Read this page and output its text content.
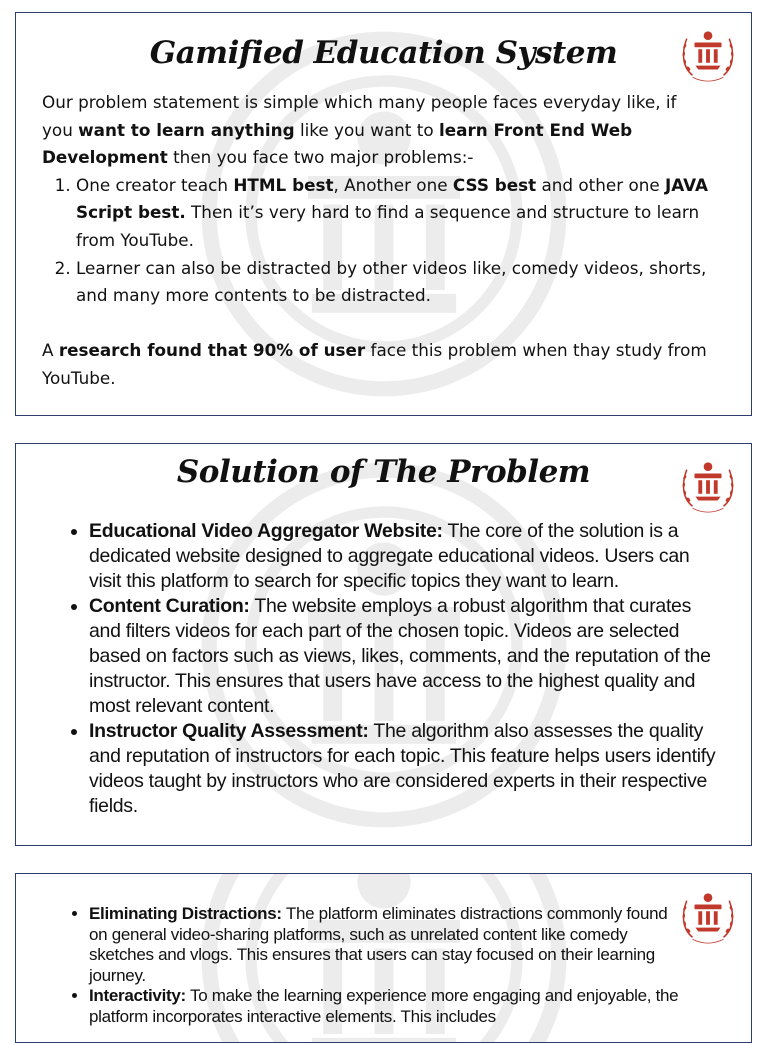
Gamified Education System

Our problem statement is simple which many people faces everyday like, if you want to learn anything like you want to learn Front End Web Development then you face two major problems:-

1. One creator teach HTML best, Another one CSS best and other one JAVA Script best. Then it’s very hard to find a sequence and structure to learn from YouTube.
2. Learner can also be distracted by other videos like, comedy videos, shorts, and many more contents to be distracted.

A research found that 90% of user face this problem when thay study from YouTube.

Solution of The Problem
• Educational Video Aggregator Website: The core of the solution is a dedicated website designed to aggregate educational videos. Users can visit this platform to search for specific topics they want to learn.
• Content Curation: The website employs a robust algorithm that curates and filters videos for each part of the chosen topic. Videos are selected based on factors such as views, likes, comments, and the reputation of the instructor. This ensures that users have access to the highest quality and most relevant content.
• Instructor Quality Assessment: The algorithm also assesses the quality and reputation of instructors for each topic. This feature helps users identify videos taught by instructors who are considered experts in their respective fields.
• Eliminating Distractions: The platform eliminates distractions commonly found on general video-sharing platforms, such as unrelated content like comedy sketches and vlogs. This ensures that users can stay focused on their learning journey.
• Interactivity: To make the learning experience more engaging and enjoyable, the platform incorporates interactive elements. This includes
